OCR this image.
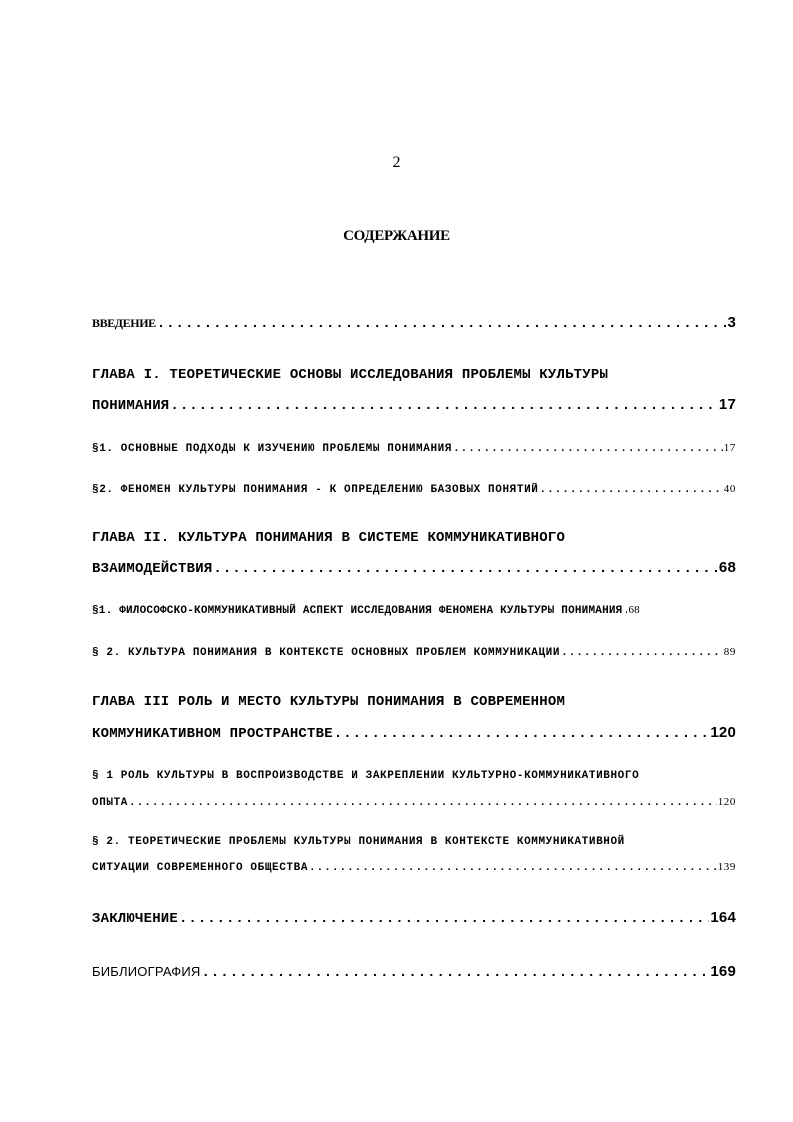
2
СОДЕРЖАНИЕ
ВВЕДЕНИЕ .....	3
ГЛАВА I. ТЕОРЕТИЧЕСКИЕ ОСНОВЫ ИССЛЕДОВАНИЯ ПРОБЛЕМЫ КУЛЬТУРЫ
ПОНИМАНИЯ .....	17
§1. ОСНОВНЫЕ ПОДХОДЫ К ИЗУЧЕНИЮ ПРОБЛЕМЫ ПОНИМАНИЯ .....	17
§2. ФЕНОМЕН КУЛЬТУРЫ ПОНИМАНИЯ - К ОПРЕДЕЛЕНИЮ БАЗОВЫХ ПОНЯТИЙ .....	40
ГЛАВА II. КУЛЬТУРА ПОНИМАНИЯ В СИСТЕМЕ КОММУНИКАТИВНОГО
ВЗАИМОДЕЙСТВИЯ .....	68
§1. ФИЛОСОФСКО-КОММУНИКАТИВНЫЙ АСПЕКТ ИССЛЕДОВАНИЯ ФЕНОМЕНА КУЛЬТУРЫ ПОНИМАНИЯ ..... 68
§ 2. КУЛЬТУРА ПОНИМАНИЯ В КОНТЕКСТЕ ОСНОВНЫХ ПРОБЛЕМ КОММУНИКАЦИИ .....	89
ГЛАВА III РОЛЬ И МЕСТО КУЛЬТУРЫ ПОНИМАНИЯ В СОВРЕМЕННОМ
КОММУНИКАТИВНОМ ПРОСТРАНСТВЕ .....	120
§ 1 РОЛЬ КУЛЬТУРЫ В ВОСПРОИЗВОДСТВЕ И ЗАКРЕПЛЕНИИ КУЛЬТУРНО-КОММУНИКАТИВНОГО
ОПЫТА .....	120
§ 2. ТЕОРЕТИЧЕСКИЕ ПРОБЛЕМЫ КУЛЬТУРЫ ПОНИМАНИЯ В КОНТЕКСТЕ КОММУНИКАТИВНОЙ
СИТУАЦИИ СОВРЕМЕННОГО ОБЩЕСТВА .....	139
ЗАКЛЮЧЕНИЕ .....	164
БИБЛИОГРАФИЯ .....	169
